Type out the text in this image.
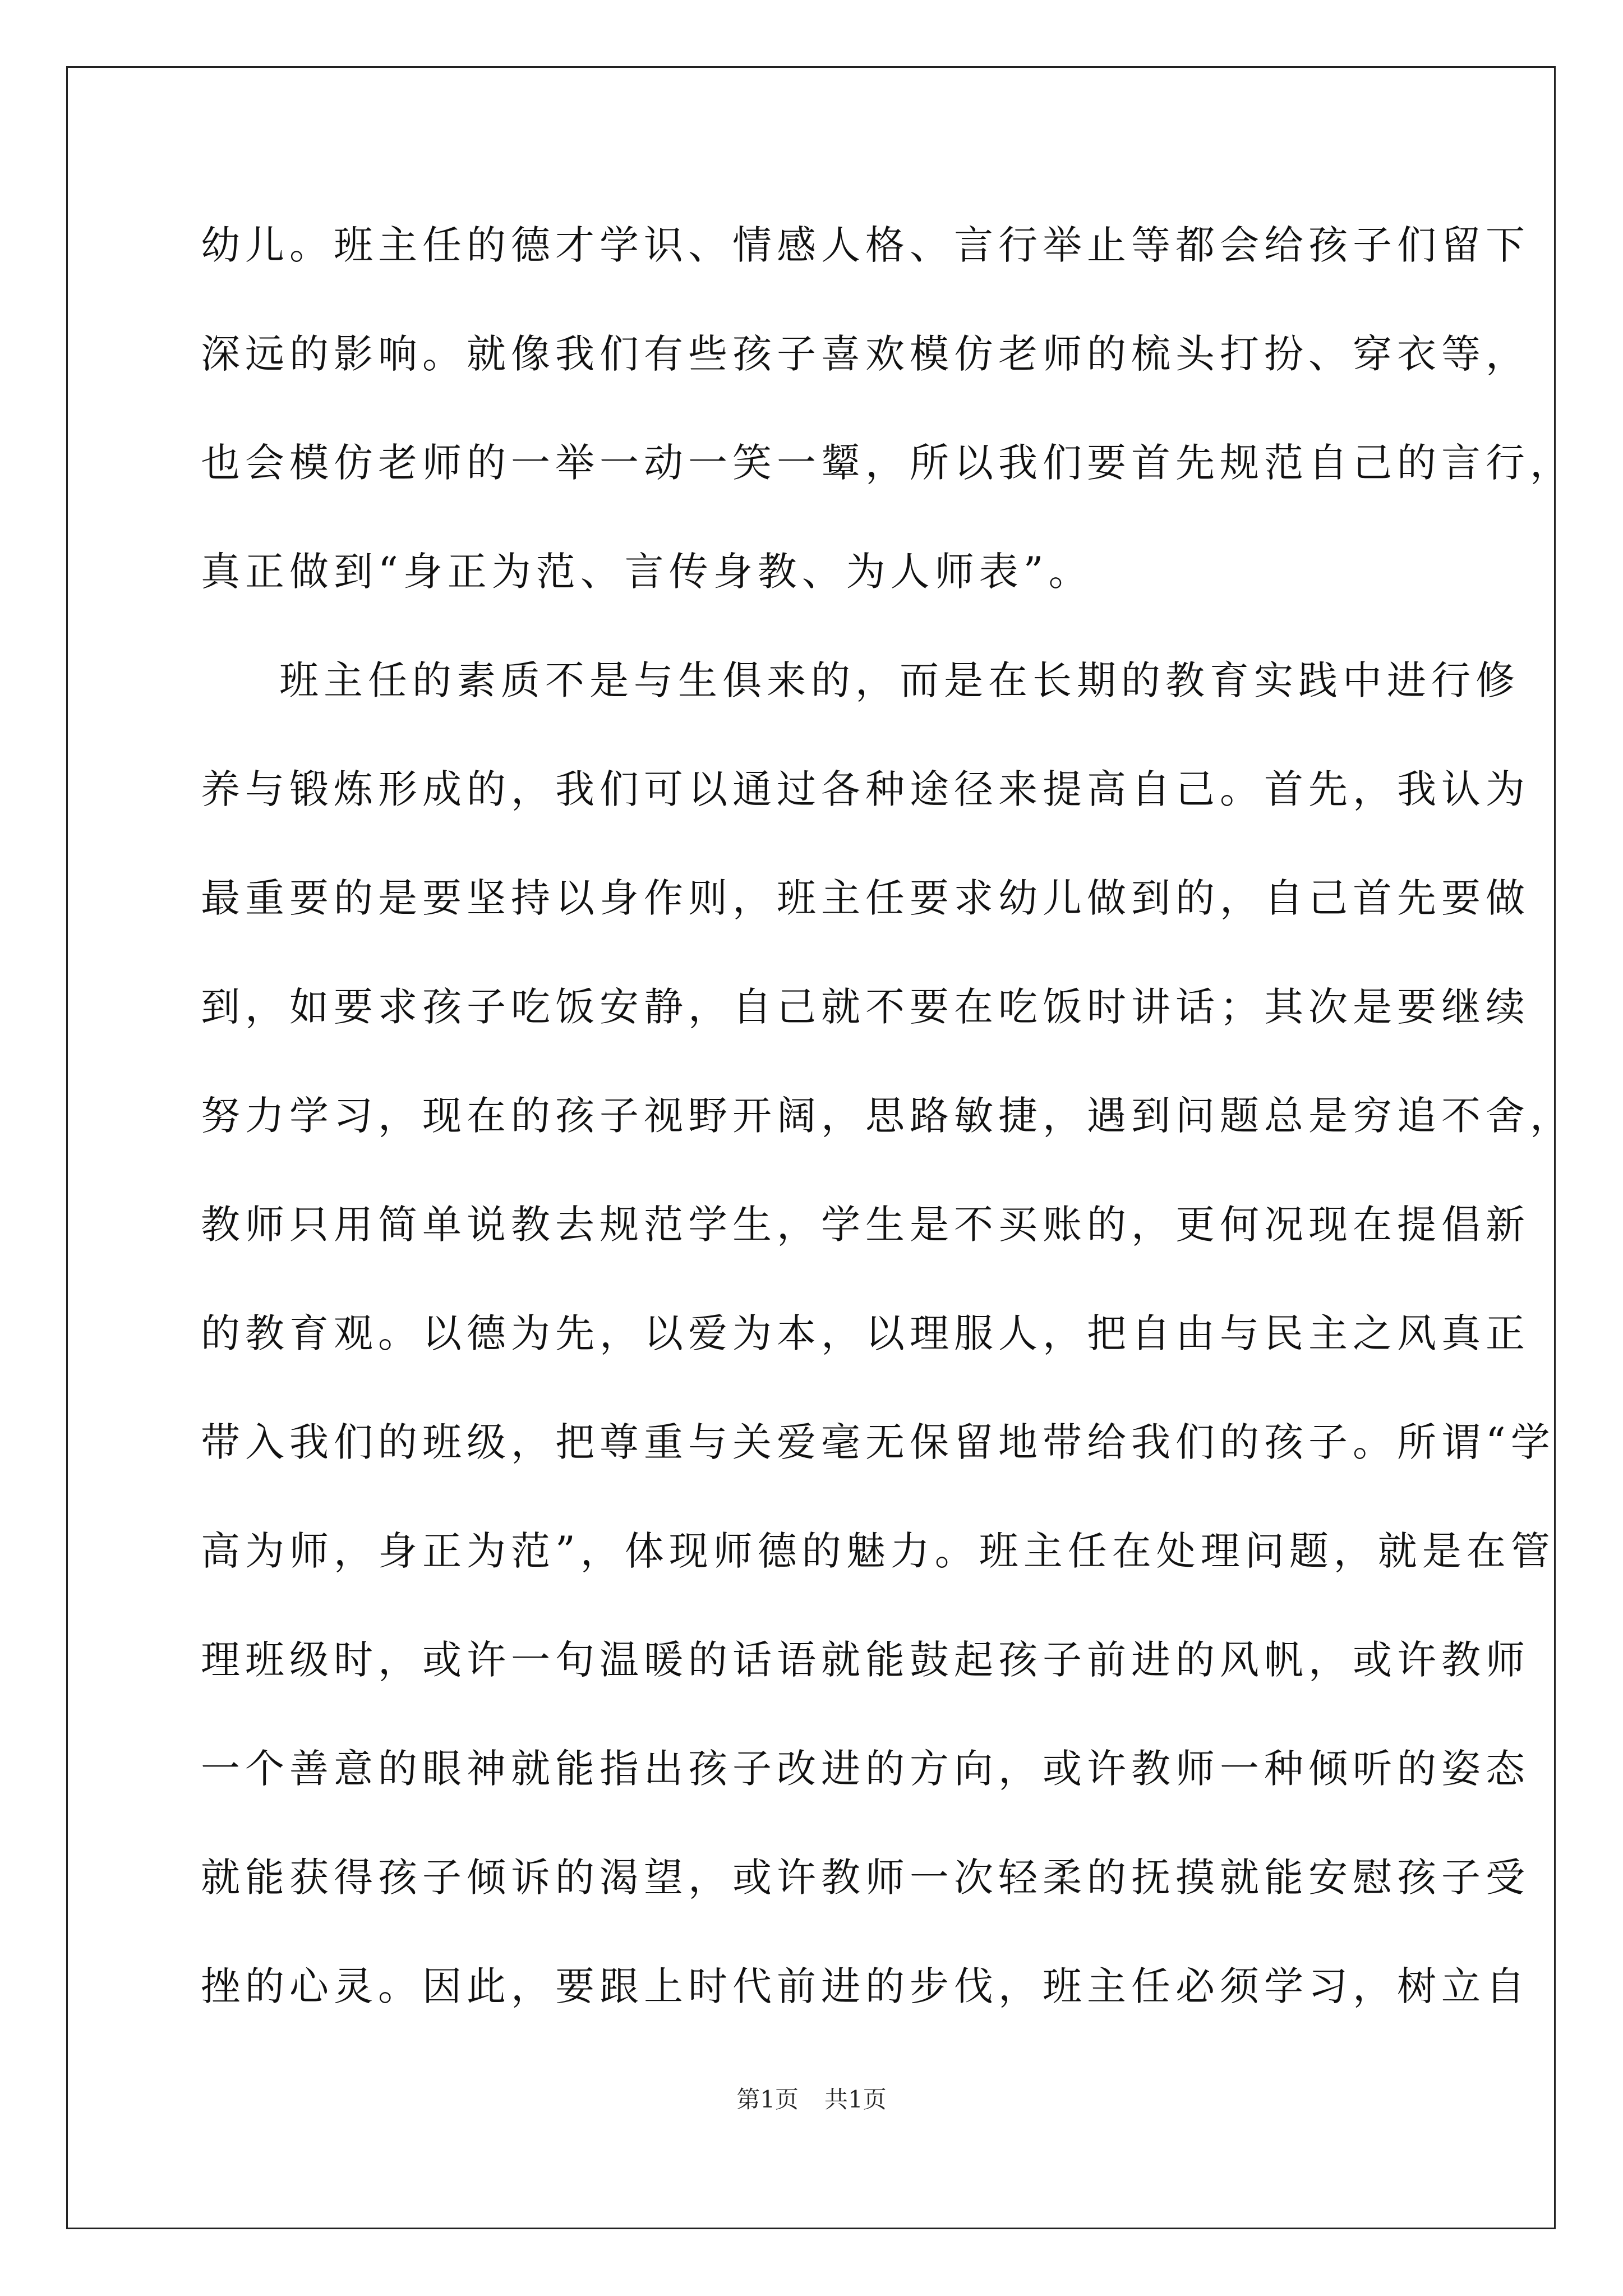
幼儿。班主任的德才学识、情感人格、言行举止等都会给孩子们留下
深远的影响。就像我们有些孩子喜欢模仿老师的梳头打扮、穿衣等，
也会模仿老师的一举一动一笑一颦，所以我们要首先规范自己的言行，
真正做到“身正为范、言传身教、为人师表”。
班主任的素质不是与生俱来的，而是在长期的教育实践中进行修
养与锻炼形成的，我们可以通过各种途径来提高自己。首先，我认为
最重要的是要坚持以身作则，班主任要求幼儿做到的，自己首先要做
到，如要求孩子吃饭安静，自己就不要在吃饭时讲话；其次是要继续
努力学习，现在的孩子视野开阔，思路敏捷，遇到问题总是穷追不舍，
教师只用简单说教去规范学生，学生是不买账的，更何况现在提倡新
的教育观。以德为先，以爱为本，以理服人，把自由与民主之风真正
带入我们的班级，把尊重与关爱毫无保留地带给我们的孩子。所谓“学
高为师，身正为范”，体现师德的魅力。班主任在处理问题，就是在管
理班级时，或许一句温暖的话语就能鼓起孩子前进的风帆，或许教师
一个善意的眼神就能指出孩子改进的方向，或许教师一种倾听的姿态
就能获得孩子倾诉的渴望，或许教师一次轻柔的抚摸就能安慰孩子受
挫的心灵。因此，要跟上时代前进的步伐，班主任必须学习，树立自
第1页 共1页
